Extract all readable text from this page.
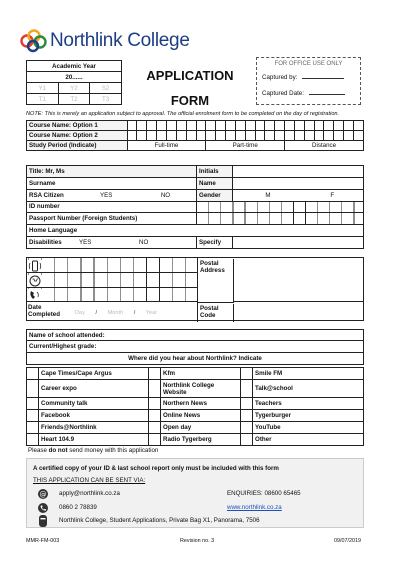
Northlink College
Academic Year		
20......		
Y1	Y2	S2
T1	T2	T3
APPLICATION
FORM
FOR OFFICE USE ONLY
Captured by:
Captured Date:
NOTE: This is merely an application subject to approval. The official enrolment form to be completed on the day of registration.
Course Name: Option 1																								
Course Name: Option 2																								
Study Period (Indicate)	Full-time								Part-time								Distance							
Title: Mr, Ms	Initials	
Surname	Name	
RSA Citizen YES NO	Gender	M F
ID number
Passport Number (Foreign Students)
Home Language
Disabilities	YES	NO	Specify
Postal
Address
Date
Completed	Day / Month / Year
Postal
Code
Name of school attended:
Current/Highest grade:
Where did you hear about Northlink? Indicate
	Cape Times/Cape Argus		Kfm		Smile FM
	Career expo		Northlink College Website		Talk@school
	Community talk		Northern News		Teachers
	Facebook		Online News		Tygerburger
	Friends@Northlink		Open day		YouTube
	Heart 104.9		Radio Tygerberg		Other
Please do not send money with this application
A certified copy of your ID & last school report only must be included with this form
THIS APPLICATION CAN BE SENT VIA:
@ apply@northlink.co.za	ENQUIRIES: 08600 65465
0860 2 78839	www.northlink.co.za
Northlink College, Student Applications, Private Bag X1, Panorama, 7506
MMR-FM-003	Revision no. 3	09/07/2019
